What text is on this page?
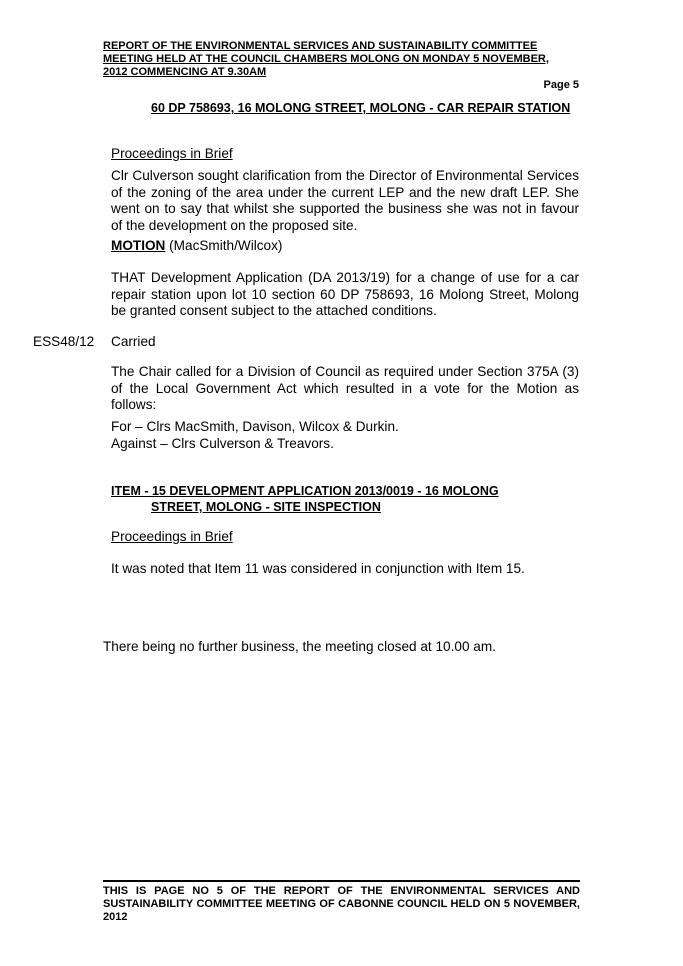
REPORT OF THE ENVIRONMENTAL SERVICES AND SUSTAINABILITY COMMITTEE
MEETING HELD AT THE COUNCIL CHAMBERS MOLONG ON MONDAY 5 NOVEMBER,
2012 COMMENCING AT 9.30AM
Page 5
60 DP 758693, 16 MOLONG STREET, MOLONG - CAR REPAIR STATION
Proceedings in Brief
Clr Culverson sought clarification from the Director of Environmental Services of the zoning of the area under the current LEP and the new draft LEP. She went on to say that whilst she supported the business she was not in favour of the development on the proposed site.
MOTION (MacSmith/Wilcox)
THAT Development Application (DA 2013/19) for a change of use for a car repair station upon lot 10 section 60 DP 758693, 16 Molong Street, Molong be granted consent subject to the attached conditions.
ESS48/12 Carried
The Chair called for a Division of Council as required under Section 375A (3) of the Local Government Act which resulted in a vote for the Motion as follows:
For – Clrs MacSmith, Davison, Wilcox & Durkin.
Against – Clrs Culverson & Treavors.
ITEM - 15 DEVELOPMENT APPLICATION 2013/0019 - 16 MOLONG
STREET, MOLONG - SITE INSPECTION
Proceedings in Brief
It was noted that Item 11 was considered in conjunction with Item 15.
There being no further business, the meeting closed at 10.00 am.
THIS IS PAGE NO 5 OF THE REPORT OF THE ENVIRONMENTAL SERVICES AND SUSTAINABILITY COMMITTEE MEETING OF CABONNE COUNCIL HELD ON 5 NOVEMBER, 2012
